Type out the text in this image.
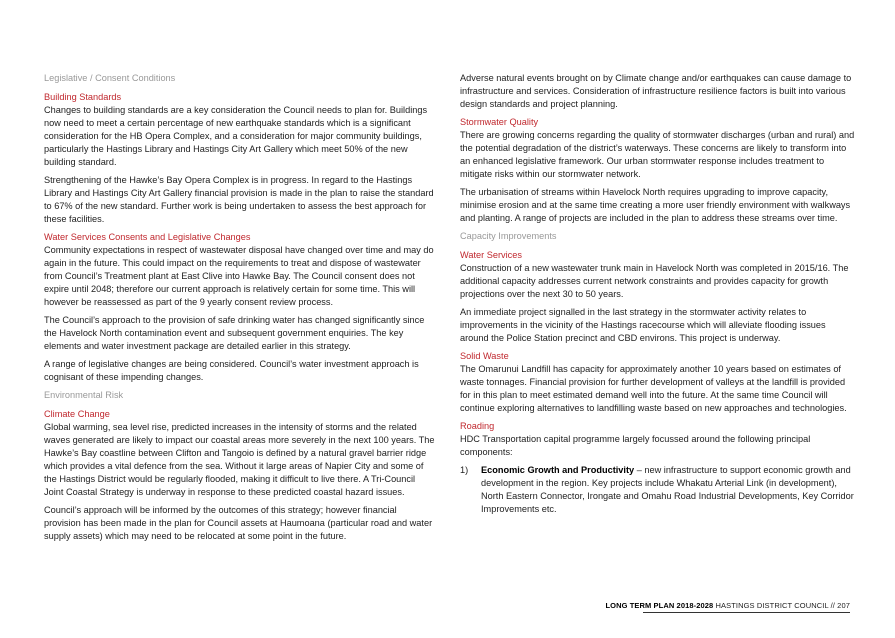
Legislative / Consent Conditions

Building Standards

Changes to building standards are a key consideration the Council needs to plan for. Buildings now need to meet a certain percentage of new earthquake standards which is a significant consideration for the HB Opera Complex, and a consideration for major community buildings, particularly the Hastings Library and Hastings City Art Gallery which meet 50% of the new building standard.

Strengthening of the Hawke’s Bay Opera Complex is in progress. In regard to the Hastings Library and Hastings City Art Gallery financial provision is made in the plan to raise the standard to 67% of the new standard. Further work is being undertaken to assess the best approach for these facilities.

Water Services Consents and Legislative Changes

Community expectations in respect of wastewater disposal have changed over time and may do again in the future. This could impact on the requirements to treat and dispose of wastewater from Council’s Treatment plant at East Clive into Hawke Bay. The Council consent does not expire until 2048; therefore our current approach is relatively certain for some time. This will however be reassessed as part of the 9 yearly consent review process.

The Council’s approach to the provision of safe drinking water has changed significantly since the Havelock North contamination event and subsequent government enquiries. The key elements and water investment package are detailed earlier in this strategy.

A range of legislative changes are being considered. Council’s water investment approach is cognisant of these impending changes.

Environmental Risk

Climate Change

Global warming, sea level rise, predicted increases in the intensity of storms and the related waves generated are likely to impact our coastal areas more severely in the next 100 years. The Hawke’s Bay coastline between Clifton and Tangoio is defined by a natural gravel barrier ridge which provides a vital defence from the sea. Without it large areas of Napier City and some of the Hastings District would be regularly flooded, making it difficult to live there. A Tri-Council Joint Coastal Strategy is underway in response to these predicted coastal hazard issues.

Council’s approach will be informed by the outcomes of this strategy; however financial provision has been made in the plan for Council assets at Haumoana (particular road and water supply assets) which may need to be relocated at some point in the future.

Adverse natural events brought on by Climate change and/or earthquakes can cause damage to infrastructure and services. Consideration of infrastructure resilience factors is built into various design standards and project planning.

Stormwater Quality

There are growing concerns regarding the quality of stormwater discharges (urban and rural) and the potential degradation of the district’s waterways. These concerns are likely to transform into an enhanced legislative framework. Our urban stormwater response includes treatment to mitigate risks within our stormwater network.

The urbanisation of streams within Havelock North requires upgrading to improve capacity, minimise erosion and at the same time creating a more user friendly environment with walkways and planting. A range of projects are included in the plan to address these streams over time.

Capacity Improvements

Water Services

Construction of a new wastewater trunk main in Havelock North was completed in 2015/16. The additional capacity addresses current network constraints and provides capacity for growth projections over the next 30 to 50 years.

An immediate project signalled in the last strategy in the stormwater activity relates to improvements in the vicinity of the Hastings racecourse which will alleviate flooding issues around the Police Station precinct and CBD environs. This project is underway.

Solid Waste

The Omarunui Landfill has capacity for approximately another 10 years based on estimates of waste tonnages. Financial provision for further development of valleys at the landfill is provided for in this plan to meet estimated demand well into the future. At the same time Council will continue exploring alternatives to landfilling waste based on new approaches and technologies.

Roading

HDC Transportation capital programme largely focussed around the following principal components:

1)	Economic Growth and Productivity – new infrastructure to support economic growth and development in the region. Key projects include Whakatu Arterial Link (in development), North Eastern Connector, Irongate and Omahu Road Industrial Developments, Key Corridor Improvements etc.
LONG TERM PLAN 2018-2028 HASTINGS DISTRICT COUNCIL // 207
